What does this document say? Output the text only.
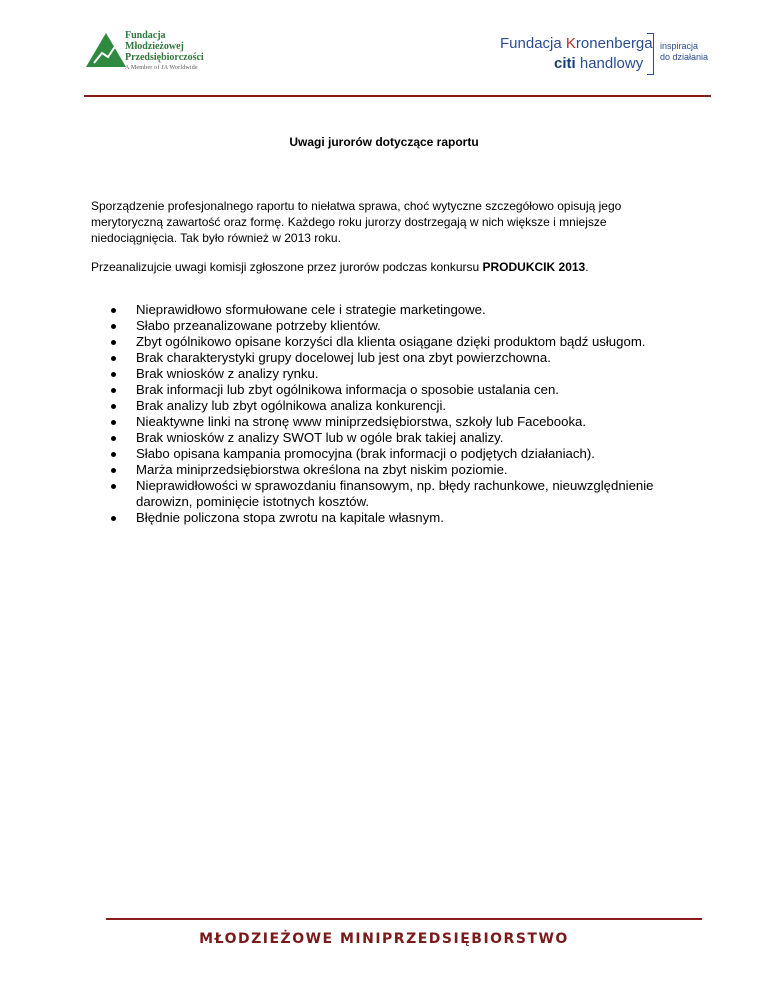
Fundacja
Młodzieżowej
Przedsiębiorczości
A Member of JA Worldwide
Fundacja Kronenberga
citi handlowy
inspiracja
do działania
Uwagi jurorów dotyczące raportu

Sporządzenie profesjonalnego raportu to niełatwa sprawa, choć wytyczne szczegółowo opisują jego merytoryczną zawartość oraz formę. Każdego roku jurorzy dostrzegają w nich większe i mniejsze niedociągnięcia. Tak było również w 2013 roku.

Przeanalizujcie uwagi komisji zgłoszone przez jurorów podczas konkursu PRODUKCIK 2013.

Nieprawidłowo sformułowane cele i strategie marketingowe.
Słabo przeanalizowane potrzeby klientów.
Zbyt ogólnikowo opisane korzyści dla klienta osiągane dzięki produktom bądź usługom.
Brak charakterystyki grupy docelowej lub jest ona zbyt powierzchowna.
Brak wniosków z analizy rynku.
Brak informacji lub zbyt ogólnikowa informacja o sposobie ustalania cen.
Brak analizy lub zbyt ogólnikowa analiza konkurencji.
Nieaktywne linki na stronę www miniprzedsiębiorstwa, szkoły lub Facebooka.
Brak wniosków z analizy SWOT lub w ogóle brak takiej analizy.
Słabo opisana kampania promocyjna (brak informacji o podjętych działaniach).
Marża miniprzedsiębiorstwa określona na zbyt niskim poziomie.
Nieprawidłowości w sprawozdaniu finansowym, np. błędy rachunkowe, nieuwzględnienie darowizn, pominięcie istotnych kosztów.
Błędnie policzona stopa zwrotu na kapitale własnym.
MŁODZIEŻOWE MINIPRZEDSIĘBIORSTWO
